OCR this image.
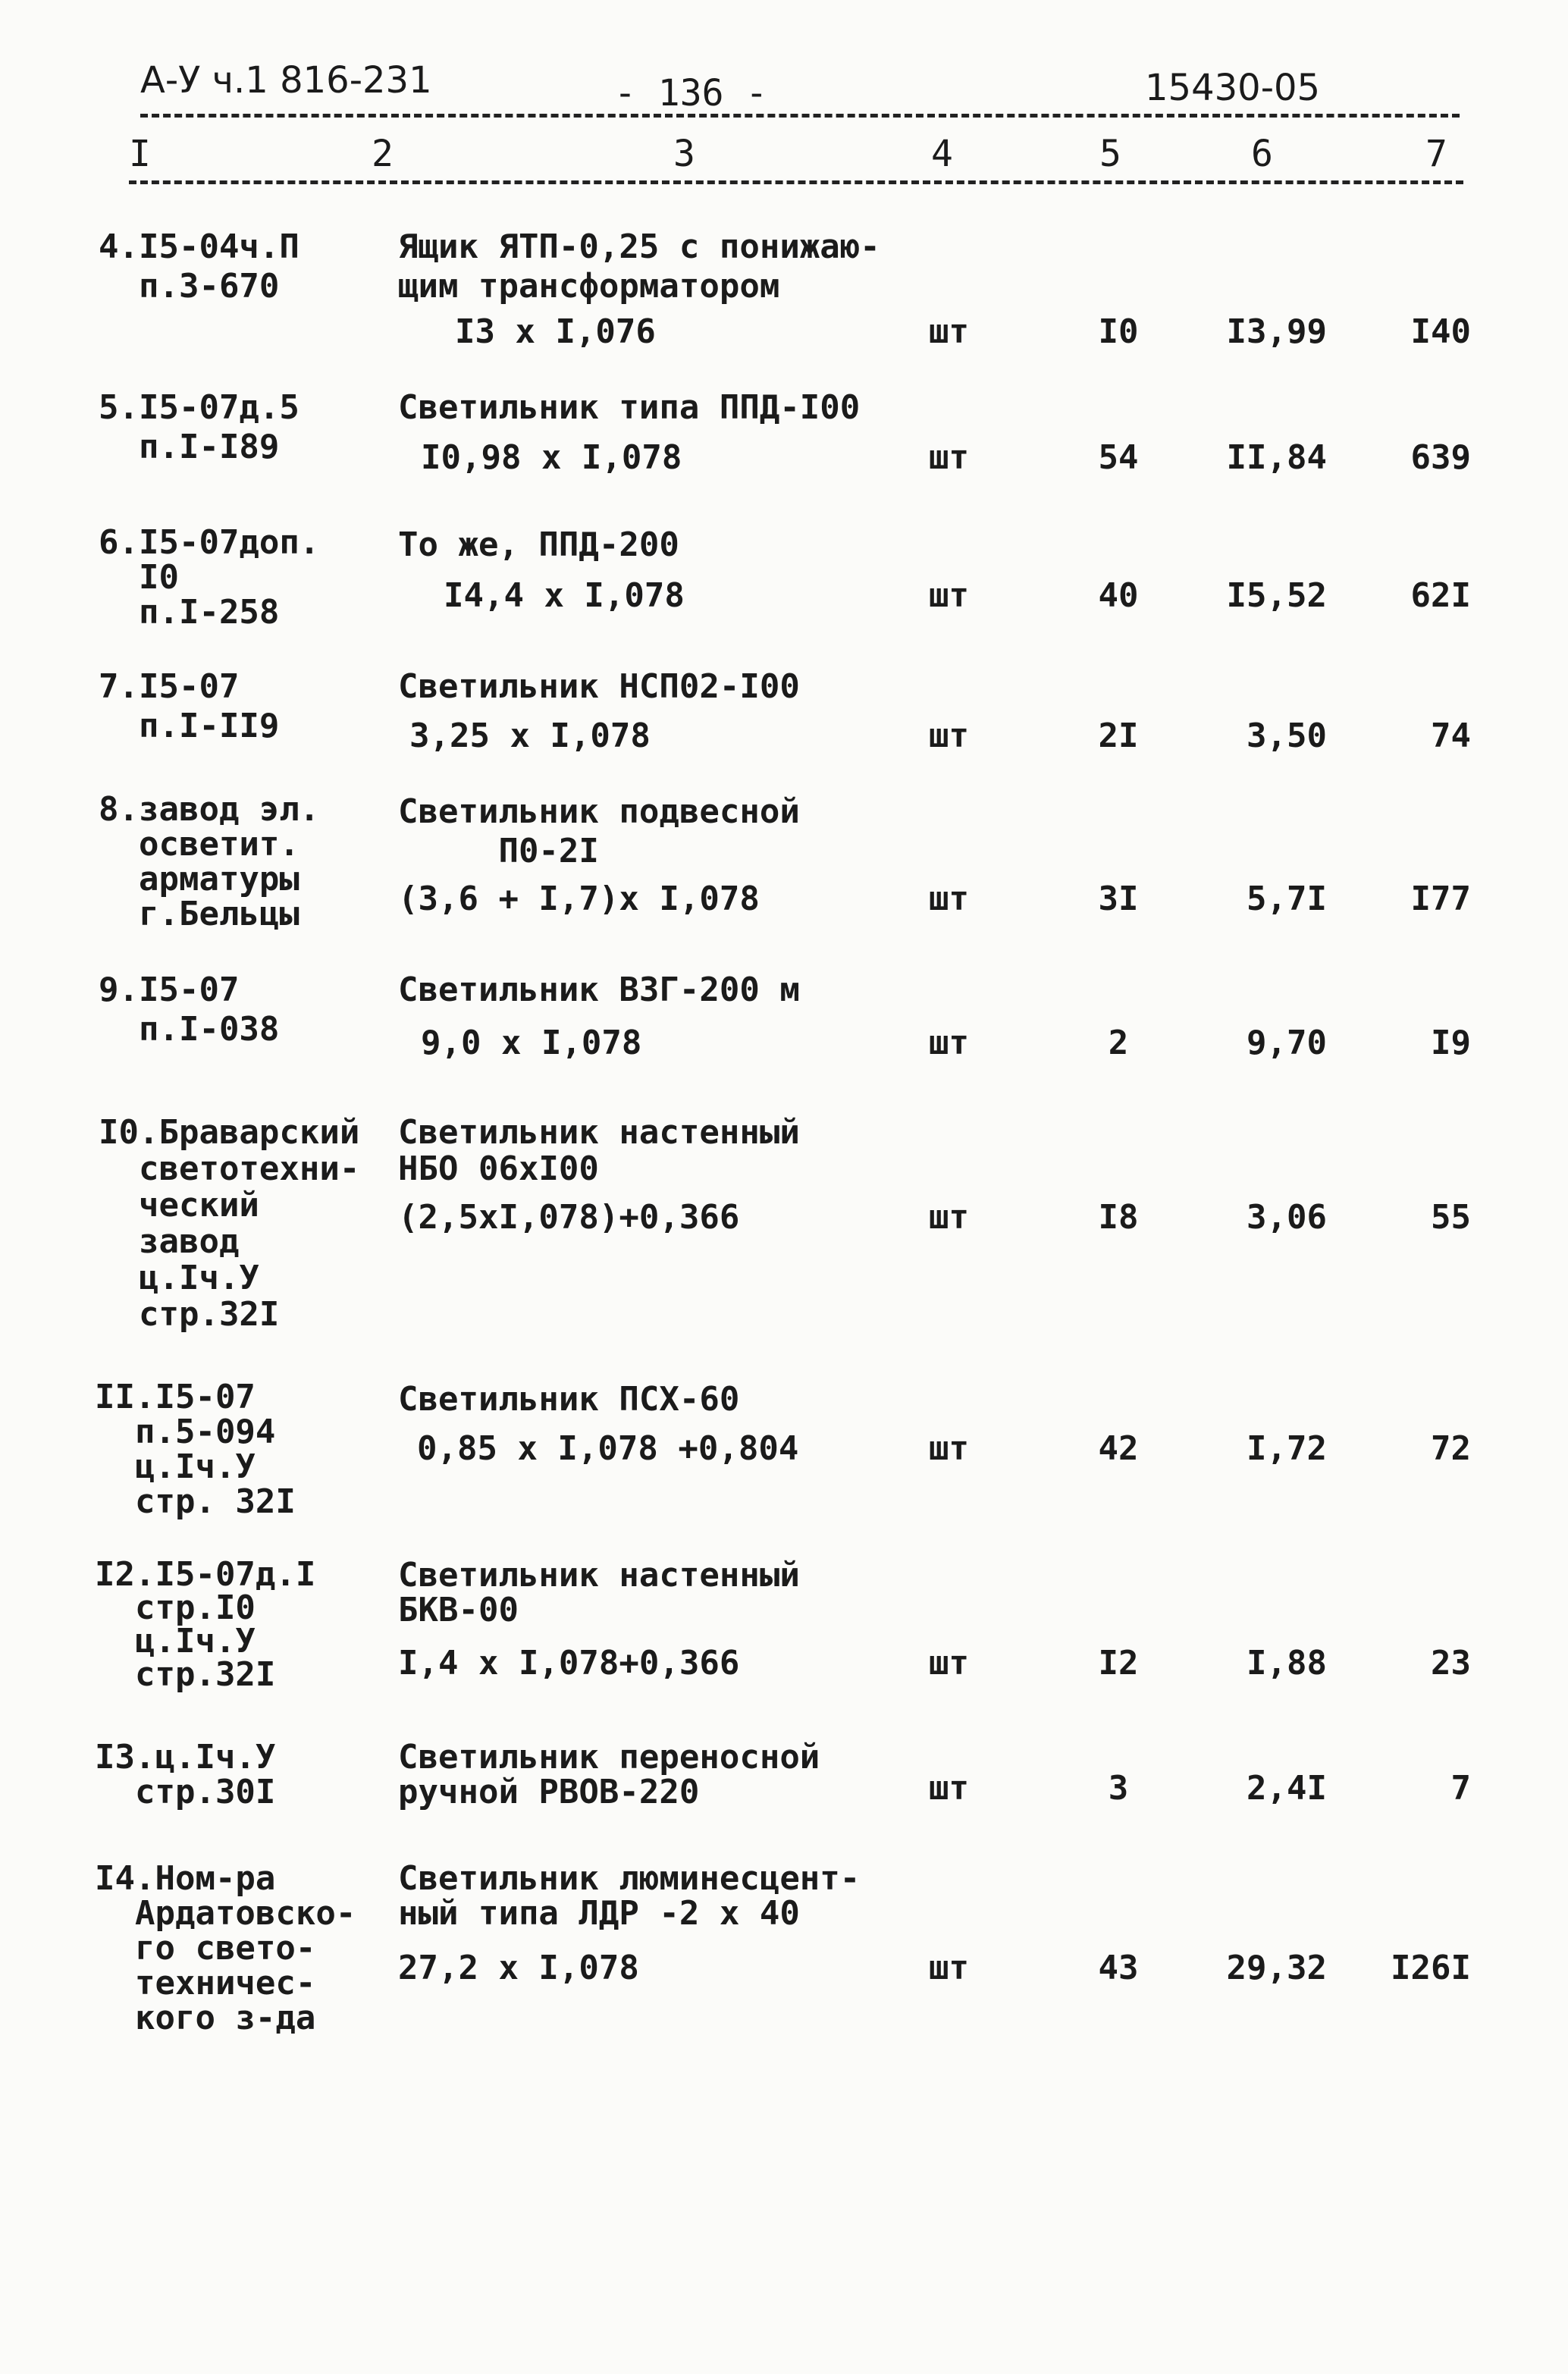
А-У ч.1 816-231	- 136 -	15430-05
I	2	3	4	5	6	7
4.I5-04ч.П
п.3-670
Ящик ЯТП-0,25 с понижаю-
щим трансформатором
I3 x I,076	шт	I0	I3,99	I40
5.I5-07д.5
п.I-I89
Светильник типа ППД-I00
I0,98 x I,078	шт	54	II,84	639
6.I5-07доп.
I0
п.I-258
То же, ППД-200
I4,4 x I,078	шт	40	I5,52	62I
7.I5-07
п.I-II9
Светильник НСП02-I00
3,25 x I,078	шт	2I	3,50	74
8.завод эл.
осветит.
арматуры
г.Бельцы
Светильник подвесной
П0-2I
(3,6 + I,7)x I,078	шт	3I	5,7I	I77
9.I5-07
п.I-038
Светильник ВЗГ-200 м
9,0 x I,078	шт	2	9,70	I9
I0.Браварский
светотехни-
ческий
завод
ц.Iч.У
стр.32I
Светильник настенный
НБО 06xI00
(2,5xI,078)+0,366	шт	I8	3,06	55
II.I5-07
п.5-094
ц.Iч.У
стр. 32I
Светильник ПСХ-60
0,85 x I,078 +0,804	шт	42	I,72	72
I2.I5-07д.I
стр.I0
ц.Iч.У
стр.32I
Светильник настенный
БКВ-00
I,4 x I,078+0,366	шт	I2	I,88	23
I3.ц.Iч.У
стр.30I
Светильник переносной
ручной РВОВ-220	шт	3	2,4I	7
I4.Ном-ра
Ардатовско-
го свето-
техничес-
кого з-да
Светильник люминесцент-
ный типа ЛДР -2 x 40
27,2 x I,078	шт	43	29,32	I26I
